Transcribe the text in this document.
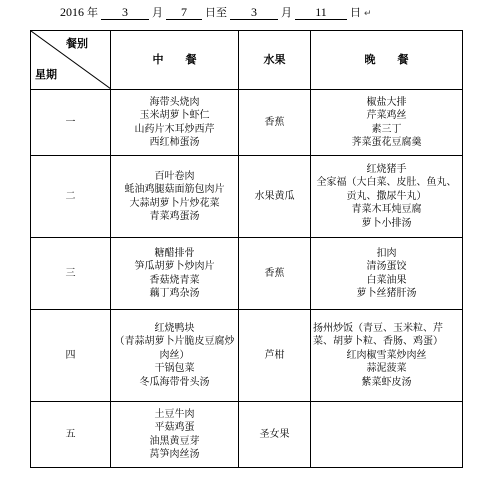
2016 年 3 月 7 日至 3 月 11 日 ↵
餐别
星期	中　　餐	水果	晚　　餐
一	海带头烧肉
玉米胡萝卜虾仁
山药片木耳炒西芹
西红柿蛋汤	香蕉	椒盐大排
芹菜鸡丝
素三丁
荠菜蛋花豆腐羹

二	百叶卷肉
蚝油鸡腿菇面筋包肉片
大蒜胡萝卜片炒花菜
青菜鸡蛋汤	水果黄瓜	红烧猪手
全家福（大白菜、皮肚、鱼丸、贡丸、撒尿牛丸）
青菜木耳炖豆腐
萝卜小排汤

三	糖醋排骨
笋瓜胡萝卜炒肉片
香菇烧青菜
藕丁鸡杂汤	香蕉	扣肉
清汤蛋饺
白菜油果
萝卜丝猪肝汤

四	红烧鸭块
（青蒜胡萝卜片脆皮豆腐炒肉丝）
干锅包菜
冬瓜海带骨头汤	芦柑	扬州炒饭（青豆、玉米粒、芹菜、胡萝卜粒、香肠、鸡蛋）
红肉椒雪菜炒肉丝
蒜泥菠菜
紫菜虾皮汤

五	土豆牛肉
平菇鸡蛋
油黑黄豆芽
莴笋肉丝汤	圣女果	
